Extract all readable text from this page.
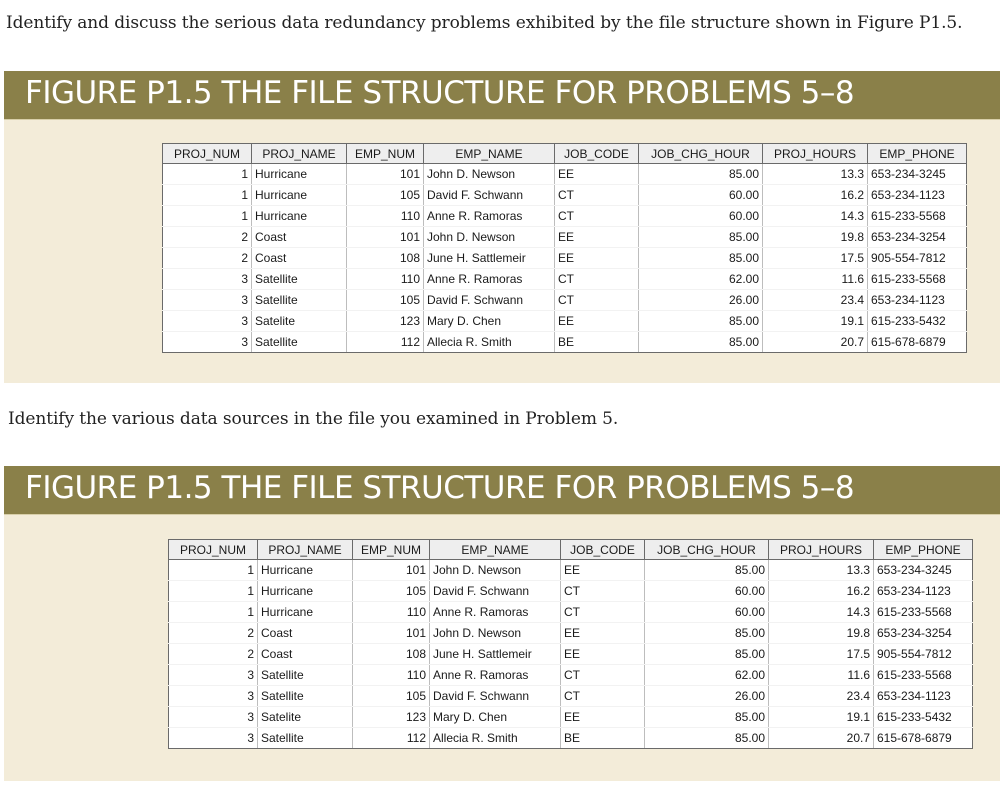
Identify and discuss the serious data redundancy problems exhibited by the file structure shown in Figure P1.5.
FIGURE P1.5 THE FILE STRUCTURE FOR PROBLEMS 5–8
PROJ_NUM	PROJ_NAME	EMP_NUM	EMP_NAME	JOB_CODE	JOB_CHG_HOUR	PROJ_HOURS	EMP_PHONE
1	Hurricane	101	John D. Newson	EE	85.00	13.3	653-234-3245
1	Hurricane	105	David F. Schwann	CT	60.00	16.2	653-234-1123
1	Hurricane	110	Anne R. Ramoras	CT	60.00	14.3	615-233-5568
2	Coast	101	John D. Newson	EE	85.00	19.8	653-234-3254
2	Coast	108	June H. Sattlemeir	EE	85.00	17.5	905-554-7812
3	Satellite	110	Anne R. Ramoras	CT	62.00	11.6	615-233-5568
3	Satellite	105	David F. Schwann	CT	26.00	23.4	653-234-1123
3	Satelite	123	Mary D. Chen	EE	85.00	19.1	615-233-5432
3	Satellite	112	Allecia R. Smith	BE	85.00	20.7	615-678-6879
Identify the various data sources in the file you examined in Problem 5.
FIGURE P1.5 THE FILE STRUCTURE FOR PROBLEMS 5–8
PROJ_NUM	PROJ_NAME	EMP_NUM	EMP_NAME	JOB_CODE	JOB_CHG_HOUR	PROJ_HOURS	EMP_PHONE
1	Hurricane	101	John D. Newson	EE	85.00	13.3	653-234-3245
1	Hurricane	105	David F. Schwann	CT	60.00	16.2	653-234-1123
1	Hurricane	110	Anne R. Ramoras	CT	60.00	14.3	615-233-5568
2	Coast	101	John D. Newson	EE	85.00	19.8	653-234-3254
2	Coast	108	June H. Sattlemeir	EE	85.00	17.5	905-554-7812
3	Satellite	110	Anne R. Ramoras	CT	62.00	11.6	615-233-5568
3	Satellite	105	David F. Schwann	CT	26.00	23.4	653-234-1123
3	Satelite	123	Mary D. Chen	EE	85.00	19.1	615-233-5432
3	Satellite	112	Allecia R. Smith	BE	85.00	20.7	615-678-6879
